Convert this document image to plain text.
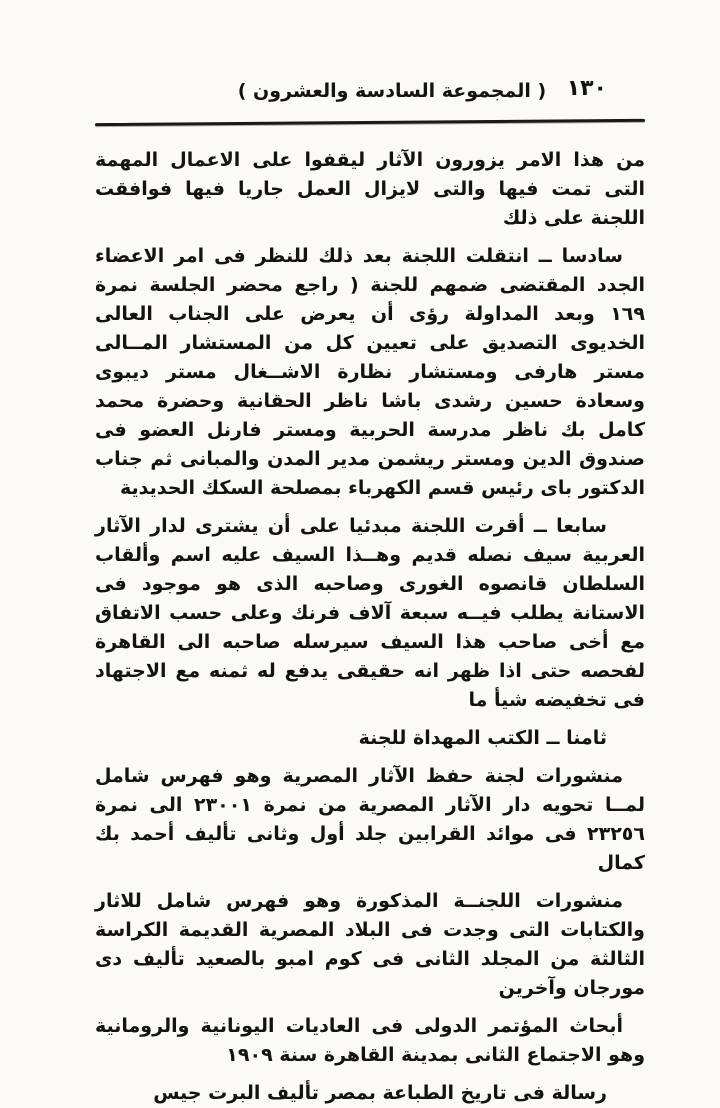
( المجموعة السادسة والعشرون ) ١٣٠

من هذا الامر يزورون الآثار ليقفوا على الاعمال المهمة التى تمت فيها والتى لايزال العمل جاريا فيها فوافقت اللجنة على ذلك

سادسا ــ انتقلت اللجنة بعد ذلك للنظر فى امر الاعضاء الجدد المقتضى ضمهم للجنة ( راجع محضر الجلسة نمرة ١٦٩ وبعد المداولة رؤى أن يعرض على الجناب العالى الخديوى التصديق على تعيين كل من المستشار المــالى مستر هارفى ومستشار نظارة الاشــغال مستر ديبوى وسعادة حسين رشدى باشا ناظر الحقانية وحضرة محمد كامل بك ناظر مدرسة الحربية ومستر فارنل العضو فى صندوق الدين ومستر ريشمن مدير المدن والمبانى ثم جناب الدكتور باى رئيس قسم الكهرباء بمصلحة السكك الحديدية

سابعا ــ أقرت اللجنة مبدئيا على أن يشترى لدار الآثار العربية سيف نصله قديم وهــذا السيف عليه اسم وألقاب السلطان قانصوه الغورى وصاحبه الذى هو موجود فى الاستانة يطلب فيــه سبعة آلاف فرنك وعلى حسب الاتفاق مع أخى صاحب هذا السيف سيرسله صاحبه الى القاهرة لفحصه حتى اذا ظهر انه حقيقى يدفع له ثمنه مع الاجتهاد فى تخفيضه شيأ ما

ثامنا ــ الكتب المهداة للجنة

منشورات لجنة حفظ الآثار المصرية وهو فهرس شامل لمــا تحويه دار الآثار المصرية من نمرة ٢٣٠٠١ الى نمرة ٢٣٢٥٦ فى موائد القرابين جلد أول وثانى تأليف أحمد بك كمال

منشورات اللجنــة المذكورة وهو فهرس شامل للاثار والكتابات التى وجدت فى البلاد المصرية القديمة الكراسة الثالثة من المجلد الثانى فى كوم امبو بالصعيد تأليف دى مورجان وآخرين

أبحاث المؤتمر الدولى فى العاديات اليونانية والرومانية وهو الاجتماع الثانى بمدينة القاهرة سنة ١٩٠٩

رسالة فى تاريخ الطباعة بمصر تأليف البرت جيس
